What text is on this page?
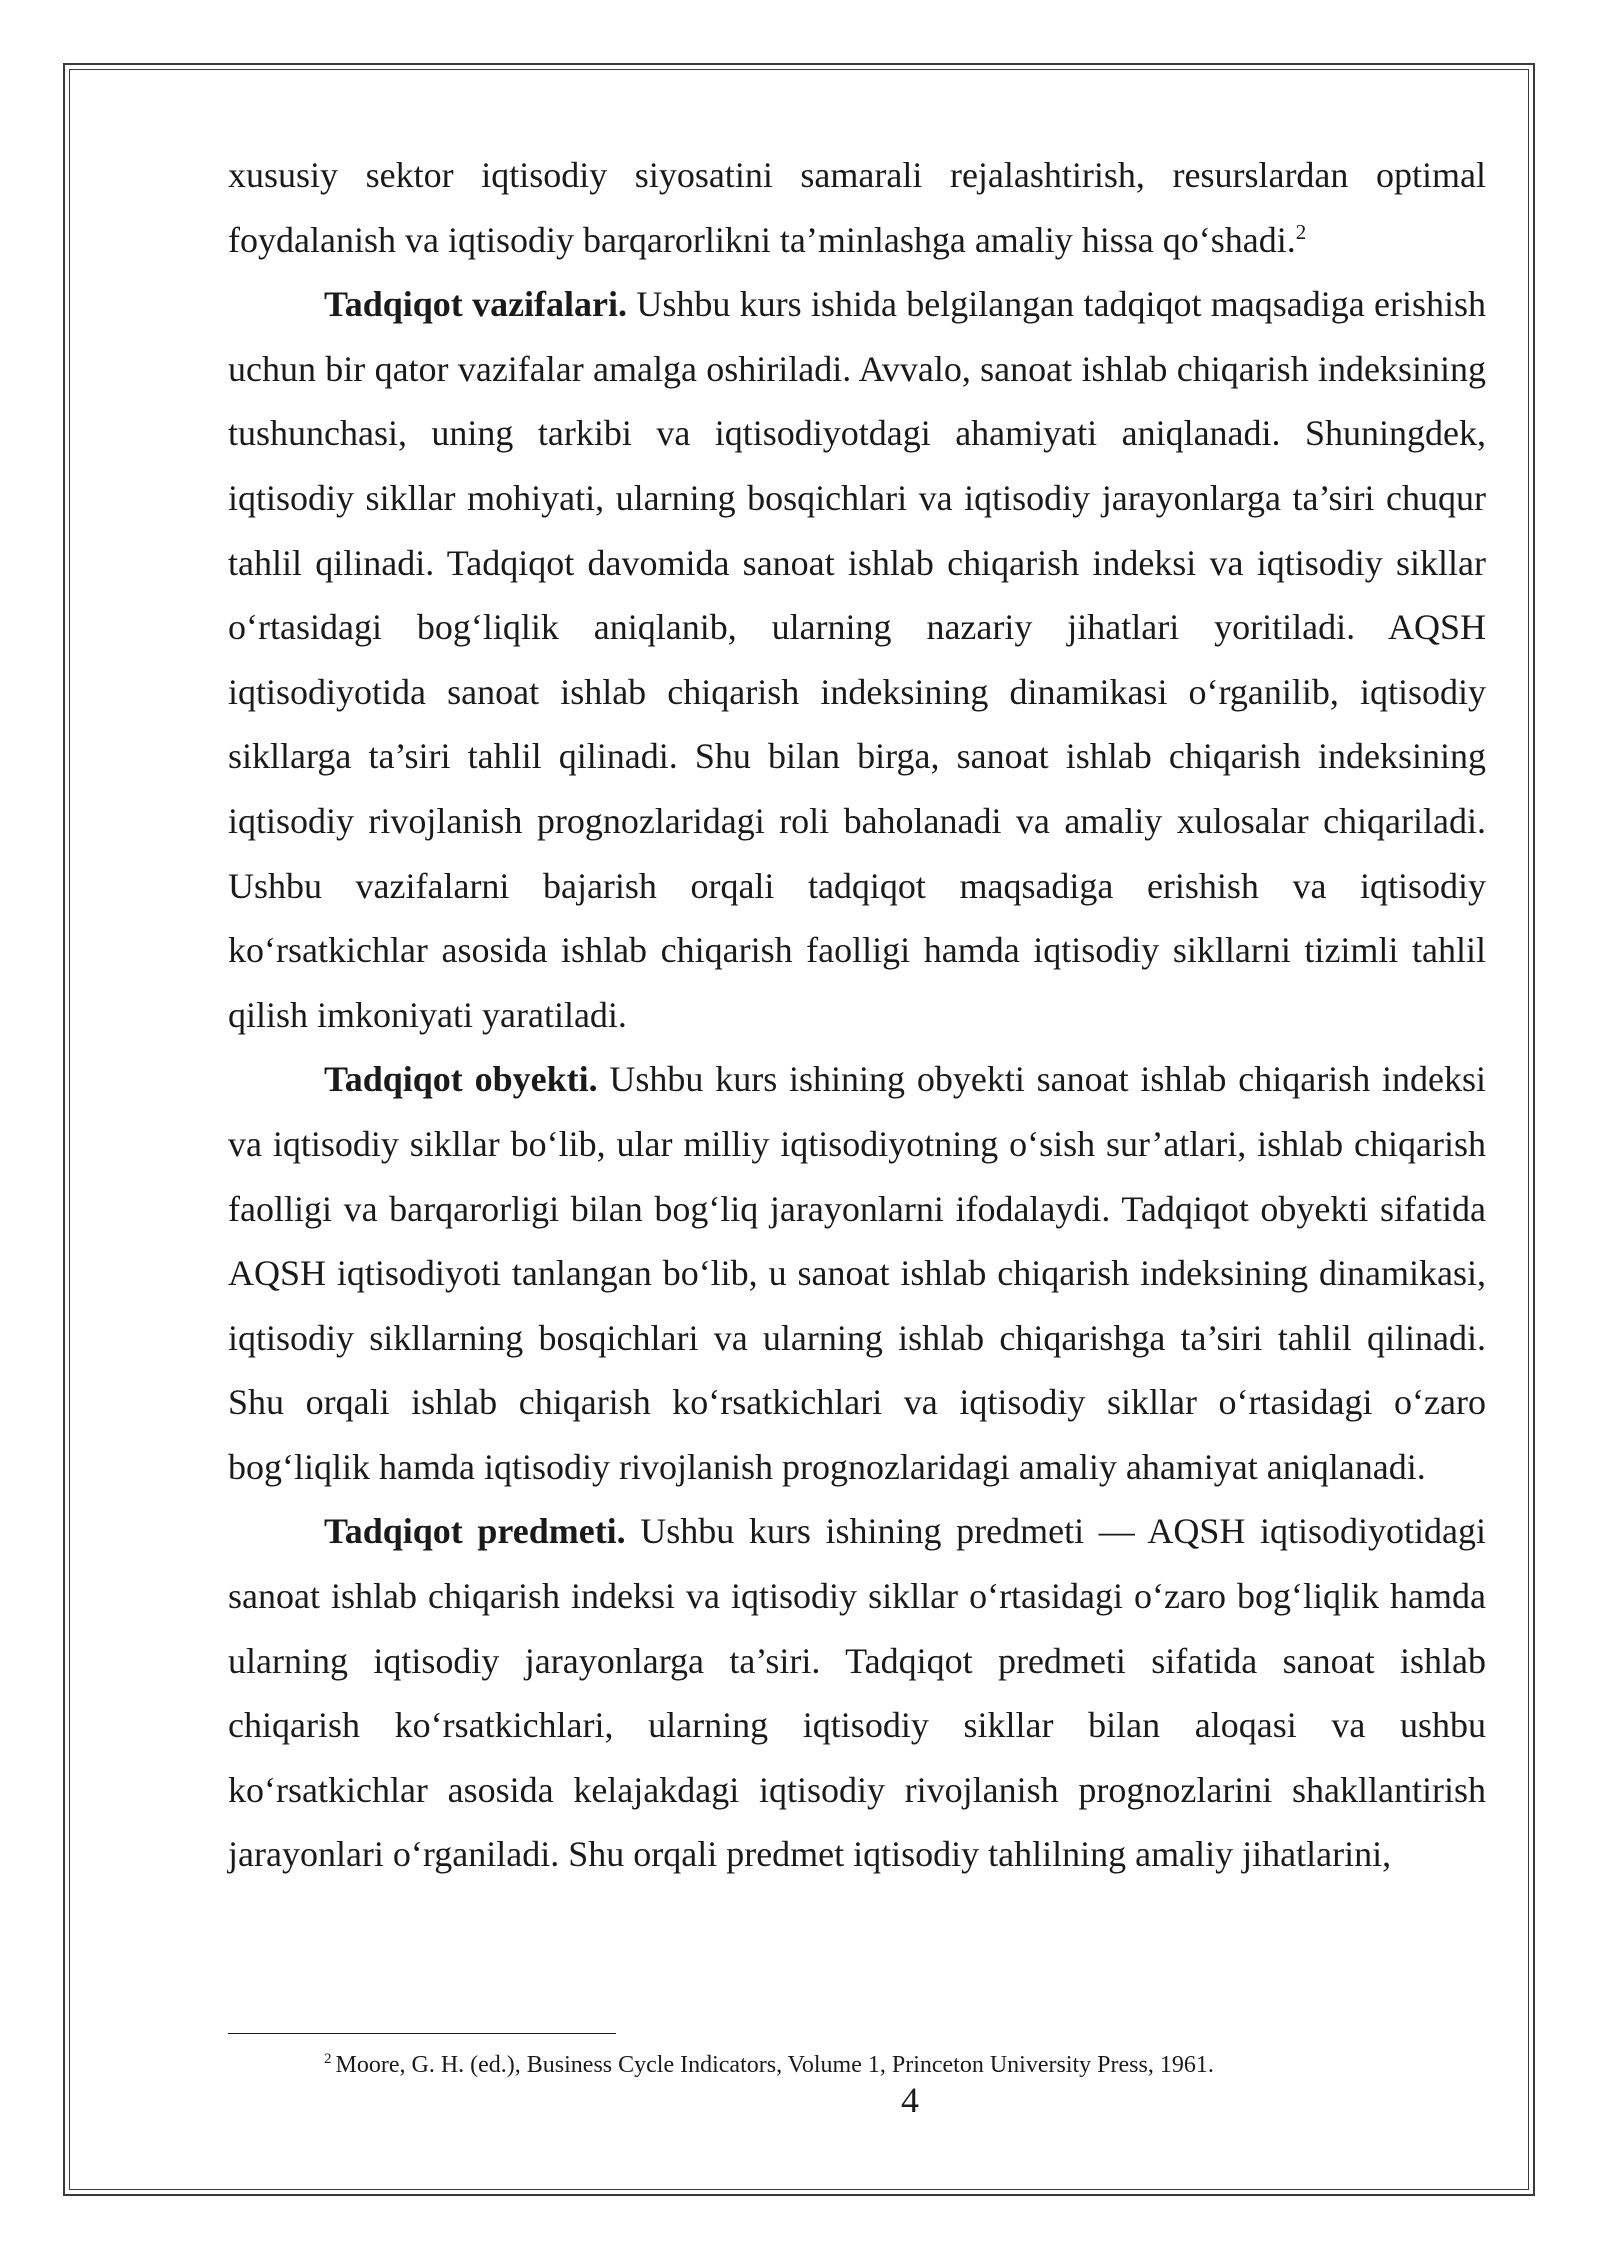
xususiy sektor iqtisodiy siyosatini samarali rejalashtirish, resurslardan optimal foydalanish va iqtisodiy barqarorlikni ta’minlashga amaliy hissa qo‘shadi.$^2$

Tadqiqot vazifalari. Ushbu kurs ishida belgilangan tadqiqot maqsadiga erishish uchun bir qator vazifalar amalga oshiriladi. Avvalo, sanoat ishlab chiqarish indeksining tushunchasi, uning tarkibi va iqtisodiyotdagi ahamiyati aniqlanadi. Shuningdek, iqtisodiy sikllar mohiyati, ularning bosqichlari va iqtisodiy jarayonlarga ta’siri chuqur tahlil qilinadi. Tadqiqot davomida sanoat ishlab chiqarish indeksi va iqtisodiy sikllar o‘rtasidagi bog‘liqlik aniqlanib, ularning nazariy jihatlari yoritiladi. AQSH iqtisodiyotida sanoat ishlab chiqarish indeksining dinamikasi o‘rganilib, iqtisodiy sikllarga ta’siri tahlil qilinadi. Shu bilan birga, sanoat ishlab chiqarish indeksining iqtisodiy rivojlanish prognozlaridagi roli baholanadi va amaliy xulosalar chiqariladi. Ushbu vazifalarni bajarish orqali tadqiqot maqsadiga erishish va iqtisodiy ko‘rsatkichlar asosida ishlab chiqarish faolligi hamda iqtisodiy sikllarni tizimli tahlil qilish imkoniyati yaratiladi.

Tadqiqot obyekti. Ushbu kurs ishining obyekti sanoat ishlab chiqarish indeksi va iqtisodiy sikllar bo‘lib, ular milliy iqtisodiyotning o‘sish sur’atlari, ishlab chiqarish faolligi va barqarorligi bilan bog‘liq jarayonlarni ifodalaydi. Tadqiqot obyekti sifatida AQSH iqtisodiyoti tanlangan bo‘lib, u sanoat ishlab chiqarish indeksining dinamikasi, iqtisodiy sikllarning bosqichlari va ularning ishlab chiqarishga ta’siri tahlil qilinadi. Shu orqali ishlab chiqarish ko‘rsatkichlari va iqtisodiy sikllar o‘rtasidagi o‘zaro bog‘liqlik hamda iqtisodiy rivojlanish prognozlaridagi amaliy ahamiyat aniqlanadi.

Tadqiqot predmeti. Ushbu kurs ishining predmeti — AQSH iqtisodiyotidagi sanoat ishlab chiqarish indeksi va iqtisodiy sikllar o‘rtasidagi o‘zaro bog‘liqlik hamda ularning iqtisodiy jarayonlarga ta’siri. Tadqiqot predmeti sifatida sanoat ishlab chiqarish ko‘rsatkichlari, ularning iqtisodiy sikllar bilan aloqasi va ushbu ko‘rsatkichlar asosida kelajakdagi iqtisodiy rivojlanish prognozlarini shakllantirish jarayonlari o‘rganiladi. Shu orqali predmet iqtisodiy tahlilning amaliy jihatlarini,

$^2$ Moore, G. H. (ed.), Business Cycle Indicators, Volume 1, Princeton University Press, 1961.
4
